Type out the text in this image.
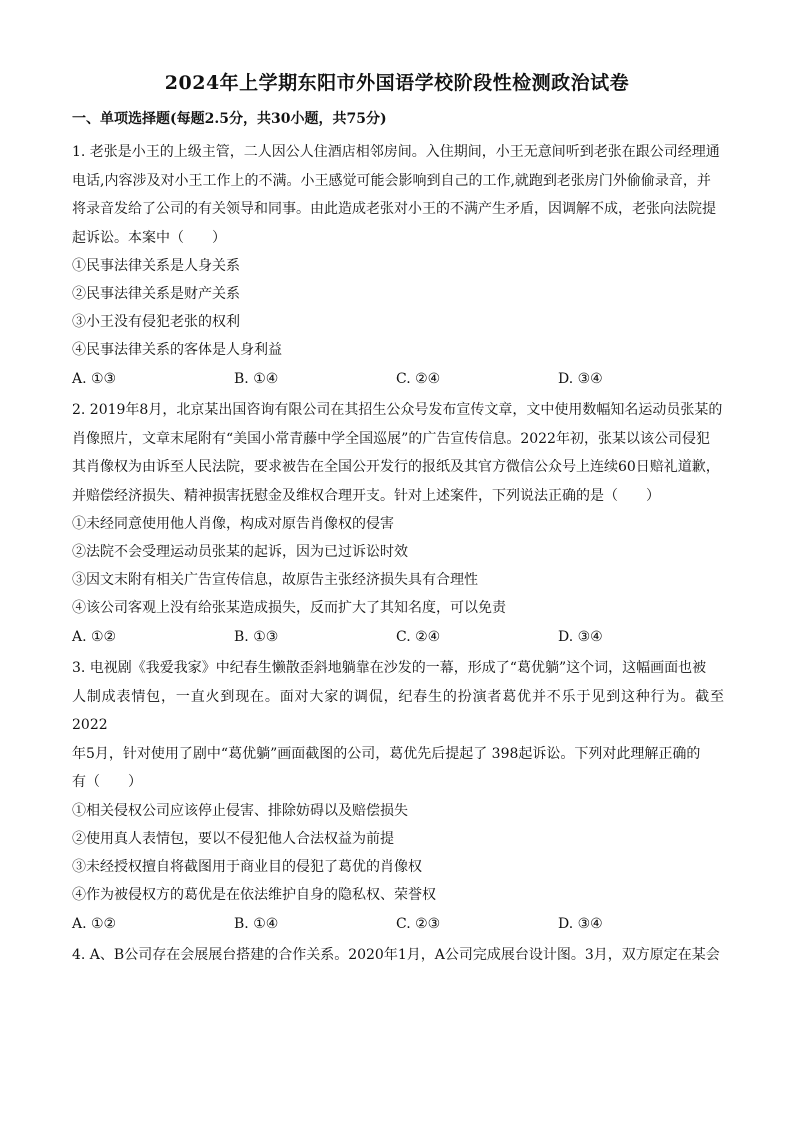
2024年上学期东阳市外国语学校阶段性检测政治试卷
一、单项选择题(每题2.5分，共30小题，共75分)

1. 老张是小王的上级主管，二人因公人住酒店相邻房间。入住期间，小王无意间听到老张在跟公司经理通

电话,内容涉及对小王工作上的不满。小王感觉可能会影响到自己的工作,就跑到老张房门外偷偷录音，并

将录音发给了公司的有关领导和同事。由此造成老张对小王的不满产生矛盾，因调解不成，老张向法院提

起诉讼。本案中（　　）

①民事法律关系是人身关系

②民事法律关系是财产关系

③小王没有侵犯老张的权利

④民事法律关系的客体是人身利益

A. ①③	B. ①④	C. ②④	D. ③④

2. 2019年8月，北京某出国咨询有限公司在其招生公众号发布宣传文章，文中使用数幅知名运动员张某的

肖像照片，文章末尾附有“美国小常青藤中学全国巡展”的广告宣传信息。2022年初，张某以该公司侵犯

其肖像权为由诉至人民法院，要求被告在全国公开发行的报纸及其官方微信公众号上连续60日赔礼道歉，

并赔偿经济损失、精神损害抚慰金及维权合理开支。针对上述案件，下列说法正确的是（　　）

①未经同意使用他人肖像，构成对原告肖像权的侵害

②法院不会受理运动员张某的起诉，因为已过诉讼时效

③因文末附有相关广告宣传信息，故原告主张经济损失具有合理性

④该公司客观上没有给张某造成损失，反而扩大了其知名度，可以免责

A. ①②	B. ①③	C. ②④	D. ③④

3. 电视剧《我爱我家》中纪春生懒散歪斜地躺靠在沙发的一幕，形成了“葛优躺”这个词，这幅画面也被

人制成表情包，一直火到现在。面对大家的调侃，纪春生的扮演者葛优并不乐于见到这种行为。截至 2022

年5月，针对使用了剧中“葛优躺”画面截图的公司，葛优先后提起了 398起诉讼。下列对此理解正确的

有（　　）

①相关侵权公司应该停止侵害、排除妨碍以及赔偿损失

②使用真人表情包，要以不侵犯他人合法权益为前提

③未经授权擅自将截图用于商业目的侵犯了葛优的肖像权

④作为被侵权方的葛优是在依法维护自身的隐私权、荣誉权

A. ①②	B. ①④	C. ②③	D. ③④

4. A、B公司存在会展展台搭建的合作关系。2020年1月，A公司完成展台设计图。3月，双方原定在某会
